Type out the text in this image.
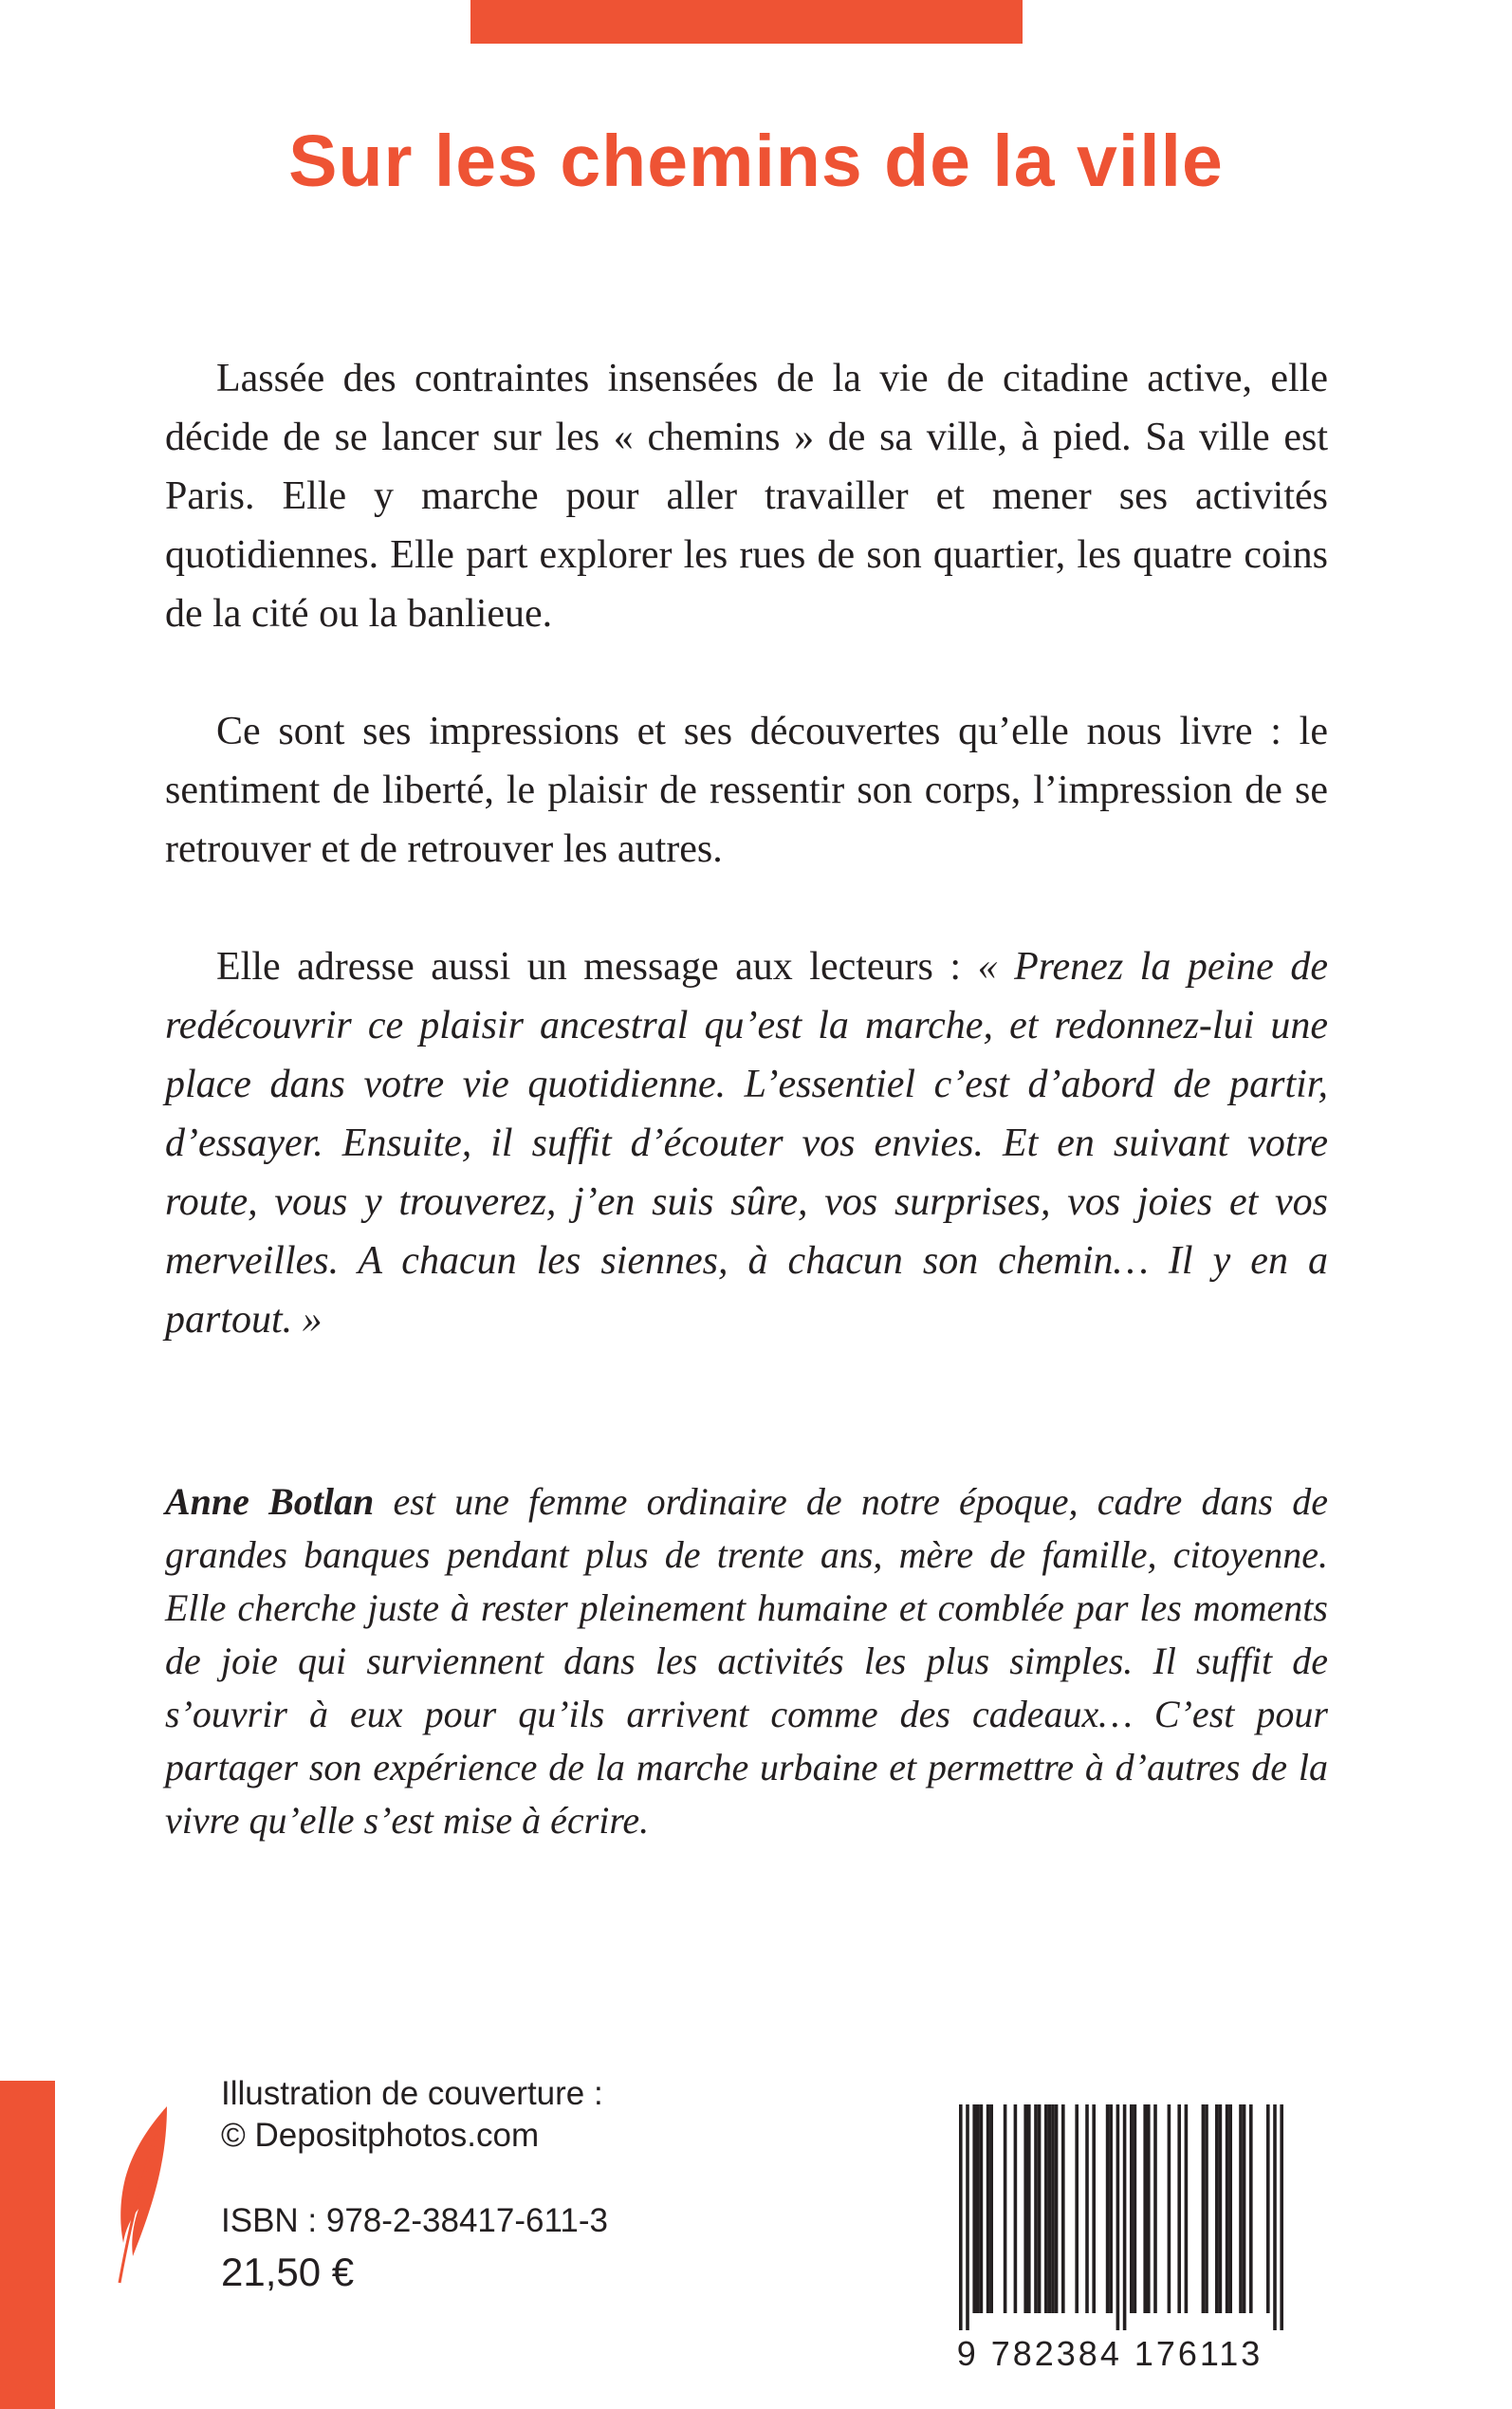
Sur les chemins de la ville

Lassée des contraintes insensées de la vie de citadine active, elle décide de se lancer sur les « chemins » de sa ville, à pied. Sa ville est Paris. Elle y marche pour aller travailler et mener ses activités quotidiennes. Elle part explorer les rues de son quartier, les quatre coins de la cité ou la banlieue.

Ce sont ses impressions et ses découvertes qu’elle nous livre : le sentiment de liberté, le plaisir de ressentir son corps, l’impression de se retrouver et de retrouver les autres.

Elle adresse aussi un message aux lecteurs : « Prenez la peine de redécouvrir ce plaisir ancestral qu’est la marche, et redonnez-lui une place dans votre vie quotidienne. L’essentiel c’est d’abord de partir, d’essayer. Ensuite, il suffit d’écouter vos envies. Et en suivant votre route, vous y trouverez, j’en suis sûre, vos surprises, vos joies et vos merveilles. A chacun les siennes, à chacun son chemin… Il y en a partout. »

Anne Botlan est une femme ordinaire de notre époque, cadre dans de grandes banques pendant plus de trente ans, mère de famille, citoyenne. Elle cherche juste à rester pleinement humaine et comblée par les moments de joie qui surviennent dans les activités les plus simples. Il suffit de s’ouvrir à eux pour qu’ils arrivent comme des cadeaux… C’est pour partager son expérience de la marche urbaine et permettre à d’autres de la vivre qu’elle s’est mise à écrire.

Illustration de couverture :
© Depositphotos.com
ISBN : 978-2-38417-611-3
21,50 €
9 782384 176113
